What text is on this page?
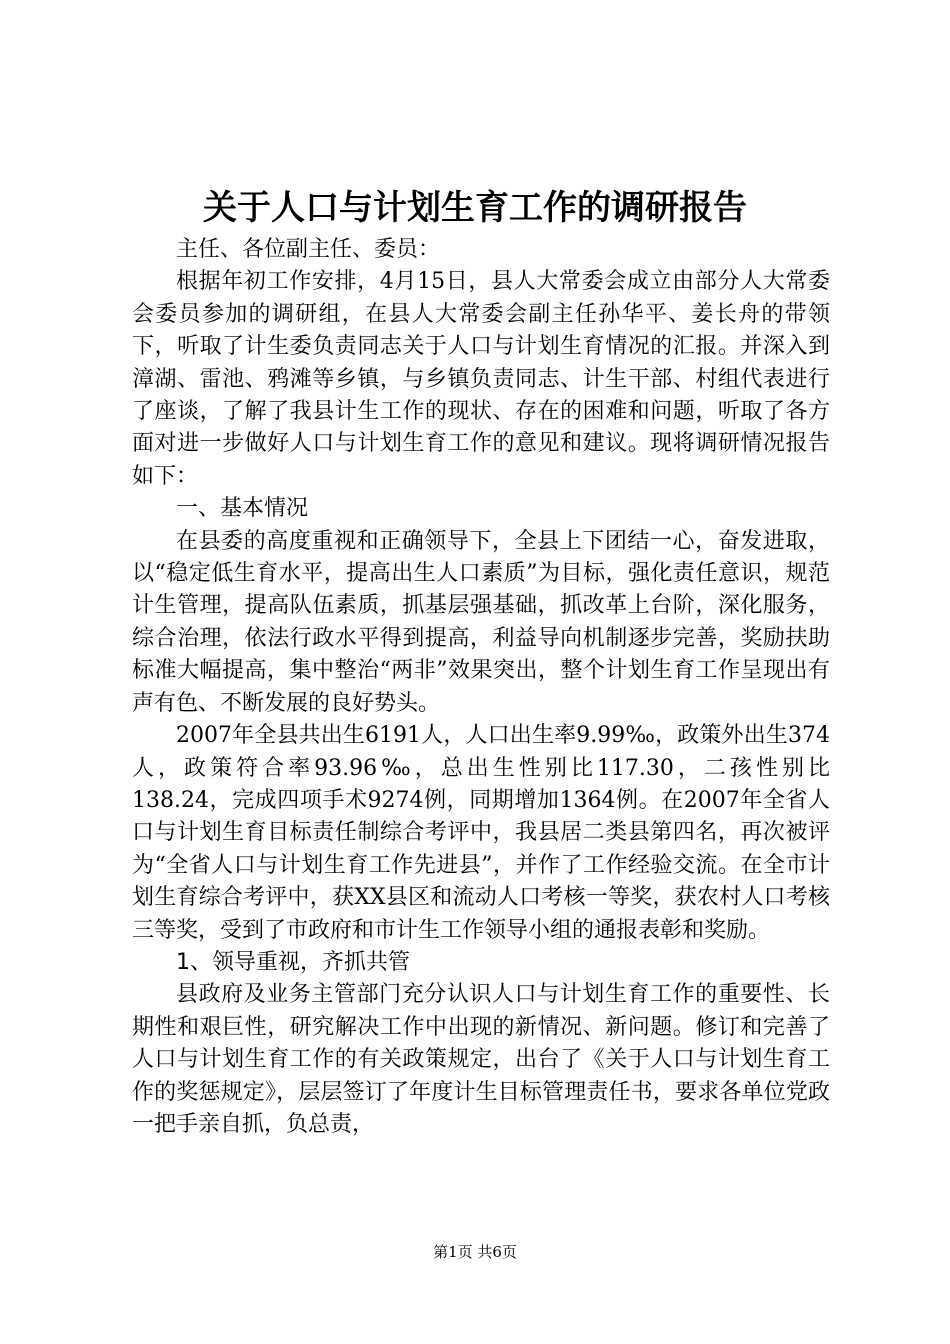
关于人口与计划生育工作的调研报告

主任、各位副主任、委员：

根据年初工作安排，4月15日，县人大常委会成立由部分人大常委会委员参加的调研组，在县人大常委会副主任孙华平、姜长舟的带领下，听取了计生委负责同志关于人口与计划生育情况的汇报。并深入到漳湖、雷池、鸦滩等乡镇，与乡镇负责同志、计生干部、村组代表进行了座谈，了解了我县计生工作的现状、存在的困难和问题，听取了各方面对进一步做好人口与计划生育工作的意见和建议。现将调研情况报告如下：

一、基本情况

在县委的高度重视和正确领导下，全县上下团结一心，奋发进取，以“稳定低生育水平，提高出生人口素质”为目标，强化责任意识，规范计生管理，提高队伍素质，抓基层强基础，抓改革上台阶，深化服务，综合治理，依法行政水平得到提高，利益导向机制逐步完善，奖励扶助标准大幅提高，集中整治“两非”效果突出，整个计划生育工作呈现出有声有色、不断发展的良好势头。

2007年全县共出生6191人，人口出生率9.99‰，政策外出生374人，政策符合率93.96‰，总出生性别比117.30，二孩性别比138.24，完成四项手术9274例，同期增加1364例。在2007年全省人口与计划生育目标责任制综合考评中，我县居二类县第四名，再次被评为“全省人口与计划生育工作先进县”，并作了工作经验交流。在全市计划生育综合考评中，获XX县区和流动人口考核一等奖，获农村人口考核三等奖，受到了市政府和市计生工作领导小组的通报表彰和奖励。

1、领导重视，齐抓共管

县政府及业务主管部门充分认识人口与计划生育工作的重要性、长期性和艰巨性，研究解决工作中出现的新情况、新问题。修订和完善了人口与计划生育工作的有关政策规定，出台了《关于人口与计划生育工作的奖惩规定》，层层签订了年度计生目标管理责任书，要求各单位党政一把手亲自抓，负总责，

第1页 共6页
